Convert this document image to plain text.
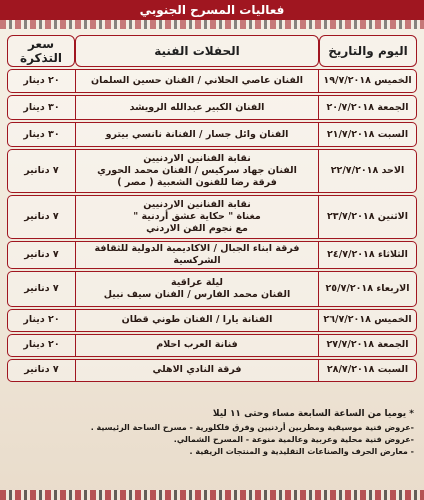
فعاليات المسرح الجنوبي
اليوم والتاريخ	الحفلات الفنية	سعر التذكرة
الخميس ١٩/٧/٢٠١٨	الفنان عاصي الحلاني / الفنان حسين السلمان	٢٠ دينار
الجمعة ٢٠/٧/٢٠١٨	الفنان الكبير عبدالله الرويشد	٣٠ دينار
السبت ٢١/٧/٢٠١٨	الفنان وائل جسار / الفنانة نانسي بيترو	٣٠ دينار
الاحد ٢٢/٧/٢٠١٨	نقابة الفنانين الاردنيين
الفنان جهاد سركيس / الفنان محمد الحوري
فرقة رضا للفنون الشعبية ( مصر )	٧ دنانير
الاثنين ٢٣/٧/٢٠١٨	نقابة الفنانين الاردنيين
مغناة " حكاية عشق أردنية "
مع نجوم الفن الاردني	٧ دنانير
الثلاثاء ٢٤/٧/٢٠١٨	فرقة ابناء الجبال / الاكاديمية الدولية للثقافة الشركسية	٧ دنانير
الاربعاء ٢٥/٧/٢٠١٨	ليلة عراقية
الفنان محمد الفارس / الفنان سيف نبيل	٧ دنانير
الخميس ٢٦/٧/٢٠١٨	الفنانة يارا / الفنان طوني قطان	٢٠ دينار
الجمعة ٢٧/٧/٢٠١٨	فنانة العرب احلام	٢٠ دينار
السبت ٢٨/٧/٢٠١٨	فرقة النادي الاهلي	٧ دنانير
* يوميا من الساعة السابعة مساء وحتى ١١ ليلا
-عروض فنية موسيقية ومطربين أردنيين وفرق فلكلورية - مسرح الساحة الرئيسية .
-عروض فنية محلية وعربية وعالمية منوعة - المسرح الشمالي.
- معارض الحرف والصناعات التقليدية و المنتجات الريفية .
